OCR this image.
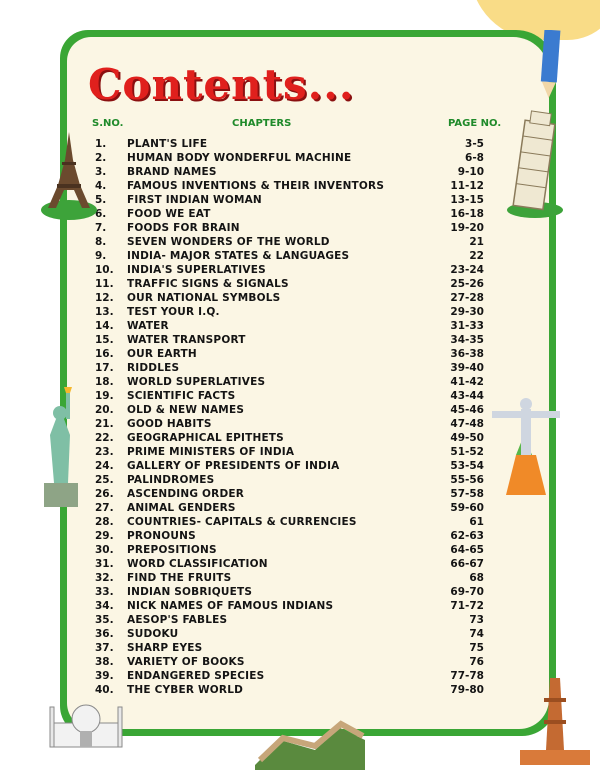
Contents...
S.NO.	CHAPTERS	PAGE NO.
1. PLANT'S LIFE	3-5
2. HUMAN BODY WONDERFUL MACHINE	6-8
3. BRAND NAMES	9-10
4. FAMOUS INVENTIONS & THEIR INVENTORS	11-12
5. FIRST INDIAN WOMAN	13-15
6. FOOD WE EAT	16-18
7. FOODS FOR BRAIN	19-20
8. SEVEN WONDERS OF THE WORLD	21
9. INDIA- MAJOR STATES & LANGUAGES	22
10. INDIA'S SUPERLATIVES	23-24
11. TRAFFIC SIGNS & SIGNALS	25-26
12. OUR NATIONAL SYMBOLS	27-28
13. TEST YOUR I.Q.	29-30
14. WATER	31-33
15. WATER TRANSPORT	34-35
16. OUR EARTH	36-38
17. RIDDLES	39-40
18. WORLD SUPERLATIVES	41-42
19. SCIENTIFIC FACTS	43-44
20. OLD & NEW NAMES	45-46
21. GOOD HABITS	47-48
22. GEOGRAPHICAL EPITHETS	49-50
23. PRIME MINISTERS OF INDIA	51-52
24. GALLERY OF PRESIDENTS OF INDIA	53-54
25. PALINDROMES	55-56
26. ASCENDING ORDER	57-58
27. ANIMAL GENDERS	59-60
28. COUNTRIES- CAPITALS & CURRENCIES	61
29. PRONOUNS	62-63
30. PREPOSITIONS	64-65
31. WORD CLASSIFICATION	66-67
32. FIND THE FRUITS	68
33. INDIAN SOBRIQUETS	69-70
34. NICK NAMES OF FAMOUS INDIANS	71-72
35. AESOP'S FABLES	73
36. SUDOKU	74
37. SHARP EYES	75
38. VARIETY OF BOOKS	76
39. ENDANGERED SPECIES	77-78
40. THE CYBER WORLD	79-80
